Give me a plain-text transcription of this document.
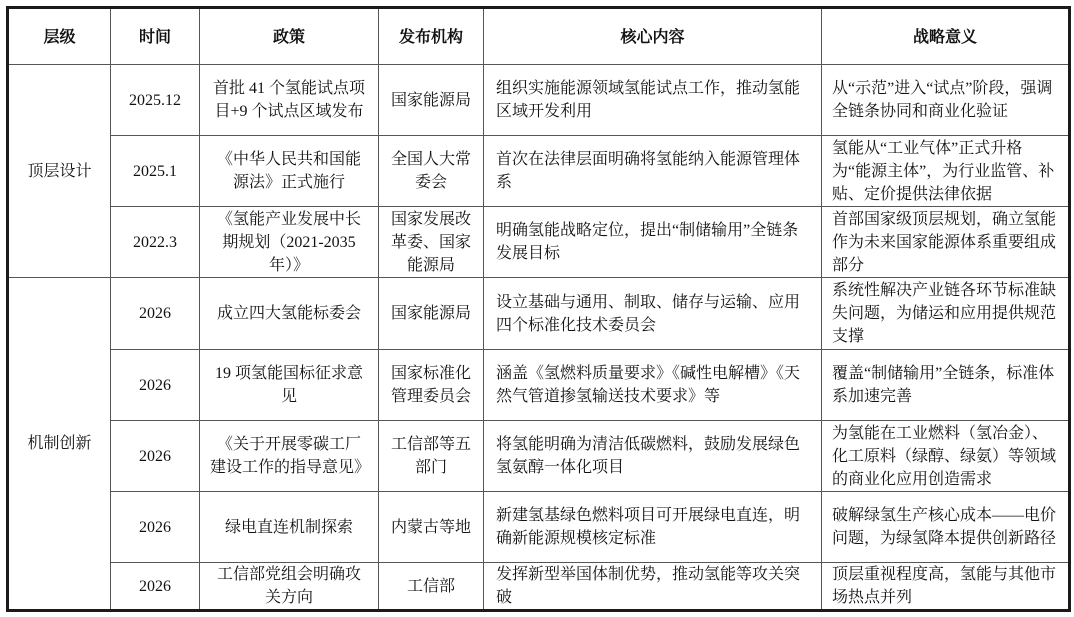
层级	时间	政策	发布机构	核心内容	战略意义
顶层设计	2025.12	首批 41 个氢能试点项目+9 个试点区域发布	国家能源局	组织实施能源领域氢能试点工作，推动氢能区域开发利用	从“示范”进入“试点”阶段，强调全链条协同和商业化验证
	2025.1	《中华人民共和国能源法》正式施行	全国人大常委会	首次在法律层面明确将氢能纳入能源管理体系	氢能从“工业气体”正式升格为“能源主体”，为行业监管、补贴、定价提供法律依据
	2022.3	《氢能产业发展中长期规划（2021-2035年）》	国家发展改革委、国家能源局	明确氢能战略定位，提出“制储输用”全链条发展目标	首部国家级顶层规划，确立氢能作为未来国家能源体系重要组成部分
机制创新	2026	成立四大氢能标委会	国家能源局	设立基础与通用、制取、储存与运输、应用四个标准化技术委员会	系统性解决产业链各环节标准缺失问题，为储运和应用提供规范支撑
	2026	19 项氢能国标征求意见	国家标准化管理委员会	涵盖《氢燃料质量要求》《碱性电解槽》《天然气管道掺氢输送技术要求》等	覆盖“制储输用”全链条，标准体系加速完善
	2026	《关于开展零碳工厂建设工作的指导意见》	工信部等五部门	将氢能明确为清洁低碳燃料，鼓励发展绿色氢氨醇一体化项目	为氢能在工业燃料（氢冶金）、化工原料（绿醇、绿氨）等领域的商业化应用创造需求
	2026	绿电直连机制探索	内蒙古等地	新建氢基绿色燃料项目可开展绿电直连，明确新能源规模核定标准	破解绿氢生产核心成本——电价问题，为绿氢降本提供创新路径
	2026	工信部党组会明确攻关方向	工信部	发挥新型举国体制优势，推动氢能等攻关突破	顶层重视程度高，氢能与其他市场热点并列
